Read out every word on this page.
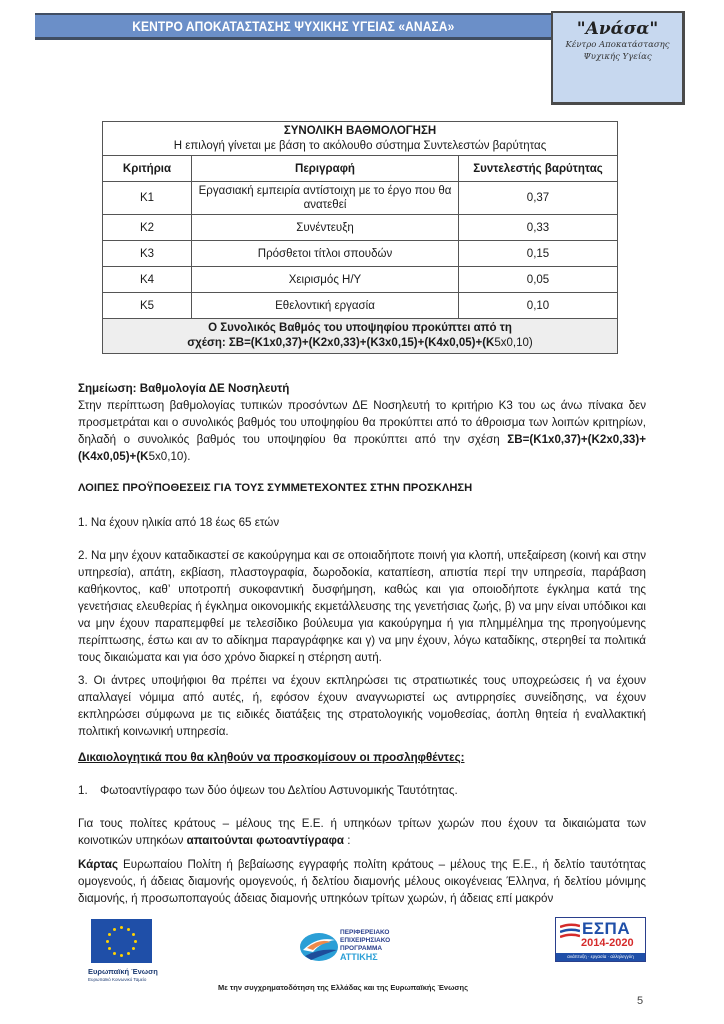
ΚΕΝΤΡΟ ΑΠΟΚΑΤΑΣΤΑΣΗΣ ΨΥΧΙΚΗΣ ΥΓΕΙΑΣ «ΑΝΑΣΑ»	"Ανάσα"
Κέντρο Αποκατάστασης
Ψυχικής Υγείας
ΣΥΝΟΛΙΚΗ ΒΑΘΜΟΛΟΓΗΣΗ
Η επιλογή γίνεται με βάση το ακόλουθο σύστημα Συντελεστών βαρύτητας		

Κριτήρια	Περιγραφή	Συντελεστής βαρύτητας
Κ1	Εργασιακή εμπειρία αντίστοιχη με το έργο που θα ανατεθεί	0,37
Κ2	Συνέντευξη	0,33
Κ3	Πρόσθετοι τίτλοι σπουδών	0,15
Κ4	Χειρισμός Η/Υ	0,05
Κ5	Εθελοντική εργασία	0,10

Ο Συνολικός Βαθμός του υποψηφίου προκύπτει από τη
σχέση: ΣΒ=(Κ1x0,37)+(Κ2x0,33)+(Κ3x0,15)+(Κ4x0,05)+(Κ5x0,10)		
Σημείωση: Βαθμολογία ΔΕ Νοσηλευτή
Στην περίπτωση βαθμολογίας τυπικών προσόντων ΔΕ Νοσηλευτή το κριτήριο Κ3 του ως άνω πίνακα δεν προσμετράται και ο συνολικός βαθμός του υποψηφίου θα προκύπτει από το άθροισμα των λοιπών κριτηρίων, δηλαδή ο συνολικός βαθμός του υποψηφίου θα προκύπτει από την σχέση ΣΒ=(Κ1x0,37)+(Κ2x0,33)+(Κ4x0,05)+(Κ5x0,10).
ΛΟΙΠΕΣ ΠΡΟΫΠΟΘΕΣΕΙΣ ΓΙΑ ΤΟΥΣ ΣΥΜΜΕΤΕΧΟΝΤΕΣ ΣΤΗΝ ΠΡΟΣΚΛΗΣΗ
1. Να έχουν ηλικία από 18 έως 65 ετών
2. Να μην έχουν καταδικαστεί σε κακούργημα και σε οποιαδήποτε ποινή για κλοπή, υπεξαίρεση (κοινή και στην υπηρεσία), απάτη, εκβίαση, πλαστογραφία, δωροδοκία, καταπίεση, απιστία περί την υπηρεσία, παράβαση καθήκοντος, καθ’ υποτροπή συκοφαντική δυσφήμηση, καθώς και για οποιοδήποτε έγκλημα κατά της γενετήσιας ελευθερίας ή έγκλημα οικονομικής εκμετάλλευσης της γενετήσιας ζωής, β) να μην είναι υπόδικοι και να μην έχουν παραπεμφθεί με τελεσίδικο βούλευμα για κακούργημα ή για πλημμέλημα της προηγούμενης περίπτωσης, έστω και αν το αδίκημα παραγράφηκε και γ) να μην έχουν, λόγω καταδίκης, στερηθεί τα πολιτικά τους δικαιώματα και για όσο χρόνο διαρκεί η στέρηση αυτή.
3. Οι άντρες υποψήφιοι θα πρέπει να έχουν εκπληρώσει τις στρατιωτικές τους υποχρεώσεις ή να έχουν απαλλαγεί νόμιμα από αυτές, ή, εφόσον έχουν αναγνωριστεί ως αντιρρησίες συνείδησης, να έχουν εκπληρώσει σύμφωνα με τις ειδικές διατάξεις της στρατολογικής νομοθεσίας, άοπλη θητεία ή εναλλακτική πολιτική κοινωνική υπηρεσία.
Δικαιολογητικά που θα κληθούν να προσκομίσουν οι προσληφθέντες:
1. Φωτοαντίγραφο των δύο όψεων του Δελτίου Αστυνομικής Ταυτότητας.
Για τους πολίτες κράτους – μέλους της Ε.Ε. ή υπηκόων τρίτων χωρών που έχουν τα δικαιώματα των κοινοτικών υπηκόων απαιτούνται φωτοαντίγραφα :
Κάρτας Ευρωπαίου Πολίτη ή βεβαίωσης εγγραφής πολίτη κράτους – μέλους της Ε.Ε., ή δελτίο ταυτότητας ομογενούς, ή άδειας διαμονής ομογενούς, ή δελτίου διαμονής μέλους οικογένειας Έλληνα, ή δελτίου μόνιμης διαμονής, ή προσωποπαγούς άδειας διαμονής υπηκόων τρίτων χωρών, ή άδειας επί μακρόν
Ευρωπαϊκή Ένωση
Ευρωπαϊκό Κοινωνικό Ταμείο
ΠΕΡΙΦΕΡΕΙΑΚΟ
ΕΠΙΧΕΙΡΗΣΙΑΚΟ
ΠΡΟΓΡΑΜΜΑ
ΑΤΤΙΚΗΣ
ΕΣΠΑ
2014-2020
ανάπτυξη · εργασία · αλληλεγγύη
Με την συγχρηματοδότηση της Ελλάδας και της Ευρωπαϊκής Ένωσης
5
